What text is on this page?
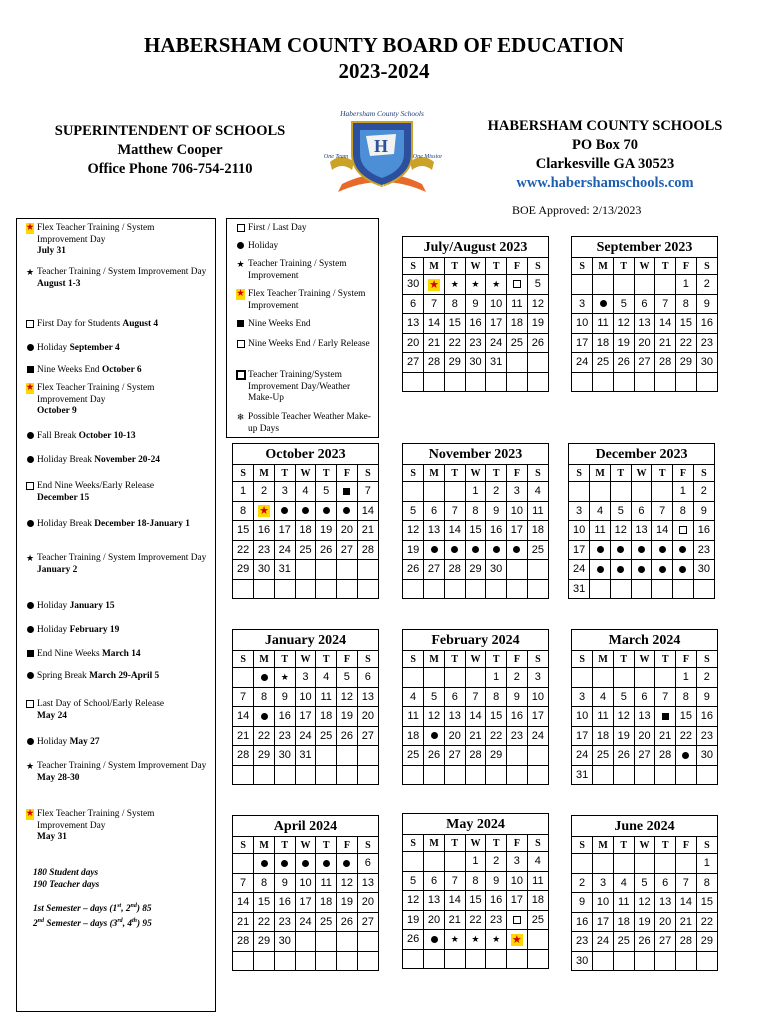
HABERSHAM COUNTY BOARD OF EDUCATION
2023-2024
SUPERINTENDENT OF SCHOOLS
Matthew Cooper
Office Phone 706-754-2110
H
Habersham County Schools
One Team	One Mission
Success for All Students
HABERSHAM COUNTY SCHOOLS
PO Box 70
Clarkesville GA 30523
www.habershamschools.com
BOE Approved: 2/13/2023
★ Flex Teacher Training / System Improvement Day
July 31
★ Teacher Training / System Improvement Day
August 1-3
First Day for Students August 4
Holiday September 4
Nine Weeks End October 6
★ Flex Teacher Training / System Improvement Day
October 9
Fall Break October 10-13
Holiday Break November 20-24
End Nine Weeks/Early Release
December 15
Holiday Break December 18-January 1
★ Teacher Training / System Improvement Day
January 2
Holiday January 15
Holiday February 19
End Nine Weeks March 14
Spring Break March 29-April 5
Last Day of School/Early Release
May 24
Holiday May 27
★ Teacher Training / System Improvement Day
May 28-30
★ Flex Teacher Training / System Improvement Day
May 31
First / Last Day
Holiday
★ Teacher Training / System Improvement
★ Flex Teacher Training / System Improvement
Nine Weeks End
Nine Weeks End / Early Release
Teacher Training/System Improvement Day/Weather Make-Up
❄ Possible Teacher Weather Make-up Days
July/August 2023
S	M	T	W	T	F	S
30	★	★	★	★		5
6	7	8	9	10	11	12
13	14	15	16	17	18	19
20	21	22	23	24	25	26
27	28	29	30	31		

September 2023
S	M	T	W	T	F	S
					1	2
3		5	6	7	8	9
10	11	12	13	14	15	16
17	18	19	20	21	22	23
24	25	26	27	28	29	30

October 2023
S	M	T	W	T	F	S
1	2	3	4	5		7
8	★					14
15	16	17	18	19	20	21
22	23	24	25	26	27	28
29	30	31				

November 2023
S	M	T	W	T	F	S
			1	2	3	4
5	6	7	8	9	10	11
12	13	14	15	16	17	18
19						25
26	27	28	29	30		

December 2023
S	M	T	W	T	F	S
					1	2
3	4	5	6	7	8	9
10	11	12	13	14		16
17						23
24						30
31						
January 2024
S	M	T	W	T	F	S
		★	3	4	5	6
7	8	9	10	11	12	13
14		16	17	18	19	20
21	22	23	24	25	26	27
28	29	30	31			

February 2024
S	M	T	W	T	F	S
				1	2	3
4	5	6	7	8	9	10
11	12	13	14	15	16	17
18		20	21	22	23	24
25	26	27	28	29		

March 2024
S	M	T	W	T	F	S
					1	2
3	4	5	6	7	8	9
10	11	12	13		15	16
17	18	19	20	21	22	23
24	25	26	27	28		30
31						
April 2024
S	M	T	W	T	F	S
						6
7	8	9	10	11	12	13
14	15	16	17	18	19	20
21	22	23	24	25	26	27
28	29	30				

May 2024
S	M	T	W	T	F	S
			1	2	3	4
5	6	7	8	9	10	11
12	13	14	15	16	17	18
19	20	21	22	23		25
26		★	★	★	★	

June 2024
S	M	T	W	T	F	S
						1
2	3	4	5	6	7	8
9	10	11	12	13	14	15
16	17	18	19	20	21	22
23	24	25	26	27	28	29
30						
180 Student days
190 Teacher days
1st Semester – days (1st, 2nd) 85
2nd Semester – days (3rd, 4th) 95
